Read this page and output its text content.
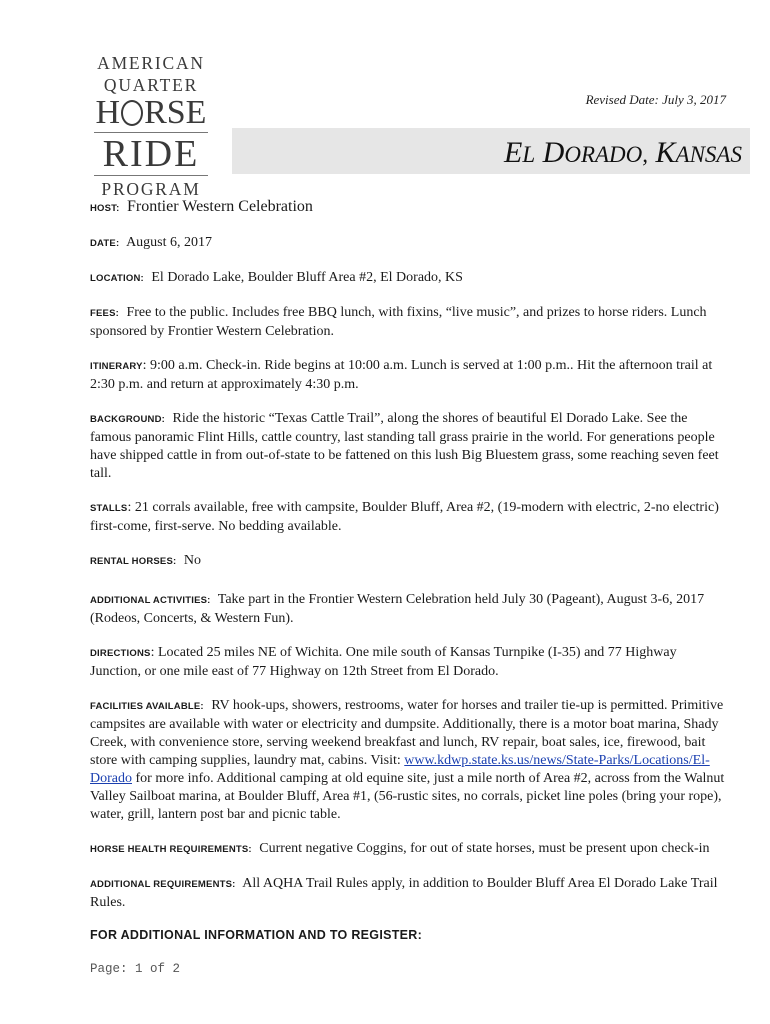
AMERICAN
QUARTER
H RSE
RIDE
PROGRAM
Revised Date: July 3, 2017
EL DORADO, KANSAS
HOST: Frontier Western Celebration
DATE: August 6, 2017
LOCATION: El Dorado Lake, Boulder Bluff Area #2, El Dorado, KS
FEES: Free to the public. Includes free BBQ lunch, with fixins, “live music”, and prizes to horse riders. Lunch sponsored by Frontier Western Celebration.
ITINERARY: 9:00 a.m. Check-in. Ride begins at 10:00 a.m. Lunch is served at 1:00 p.m.. Hit the afternoon trail at 2:30 p.m. and return at approximately 4:30 p.m.
BACKGROUND: Ride the historic “Texas Cattle Trail”, along the shores of beautiful El Dorado Lake. See the famous panoramic Flint Hills, cattle country, last standing tall grass prairie in the world. For generations people have shipped cattle in from out-of-state to be fattened on this lush Big Bluestem grass, some reaching seven feet tall.
STALLS: 21 corrals available, free with campsite, Boulder Bluff, Area #2, (19-modern with electric, 2-no electric) first-come, first-serve. No bedding available.
RENTAL HORSES: No
ADDITIONAL ACTIVITIES: Take part in the Frontier Western Celebration held July 30 (Pageant), August 3-6, 2017 (Rodeos, Concerts, & Western Fun).
DIRECTIONS: Located 25 miles NE of Wichita. One mile south of Kansas Turnpike (I-35) and 77 Highway Junction, or one mile east of 77 Highway on 12th Street from El Dorado.
FACILITIES AVAILABLE: RV hook-ups, showers, restrooms, water for horses and trailer tie-up is permitted. Primitive campsites are available with water or electricity and dumpsite. Additionally, there is a motor boat marina, Shady Creek, with convenience store, serving weekend breakfast and lunch, RV repair, boat sales, ice, firewood, bait store with camping supplies, laundry mat, cabins. Visit: www.kdwp.state.ks.us/news/State-Parks/Locations/El-Dorado for more info. Additional camping at old equine site, just a mile north of Area #2, across from the Walnut Valley Sailboat marina, at Boulder Bluff, Area #1, (56-rustic sites, no corrals, picket line poles (bring your rope), water, grill, lantern post bar and picnic table.
HORSE HEALTH REQUIREMENTS: Current negative Coggins, for out of state horses, must be present upon check-in
ADDITIONAL REQUIREMENTS: All AQHA Trail Rules apply, in addition to Boulder Bluff Area El Dorado Lake Trail Rules.
FOR ADDITIONAL INFORMATION AND TO REGISTER:
Page: 1 of 2
